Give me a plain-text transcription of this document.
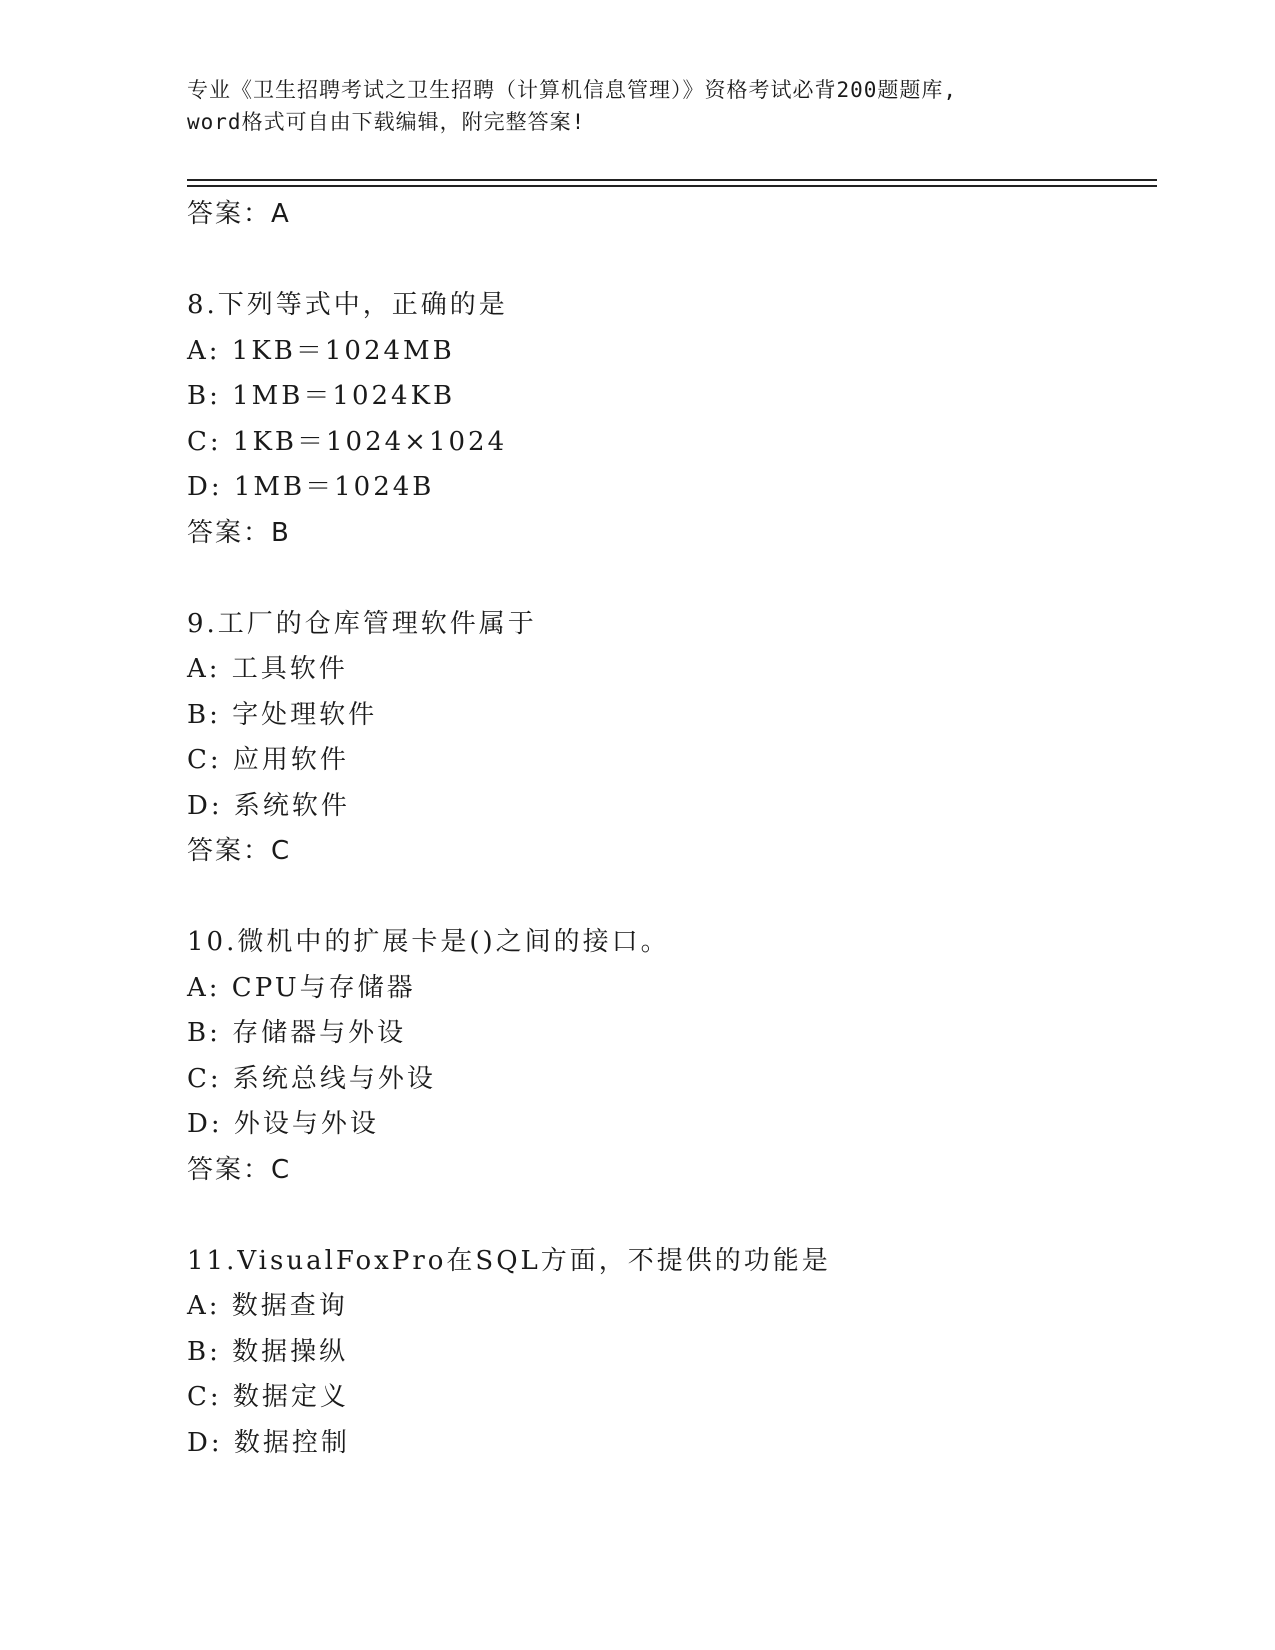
专业《卫生招聘考试之卫生招聘（计算机信息管理）》资格考试必背200题题库,
word格式可自由下载编辑，附完整答案!
答案：A
8.下列等式中，正确的是
A: 1KB＝1024MB
B: 1MB＝1024KB
C: 1KB＝1024×1024
D: 1MB＝1024B
答案：B
9.工厂的仓库管理软件属于
A: 工具软件
B: 字处理软件
C: 应用软件
D: 系统软件
答案：C
10.微机中的扩展卡是()之间的接口。
A: CPU与存储器
B: 存储器与外设
C: 系统总线与外设
D: 外设与外设
答案：C
11.VisualFoxPro在SQL方面，不提供的功能是
A: 数据查询
B: 数据操纵
C: 数据定义
D: 数据控制
